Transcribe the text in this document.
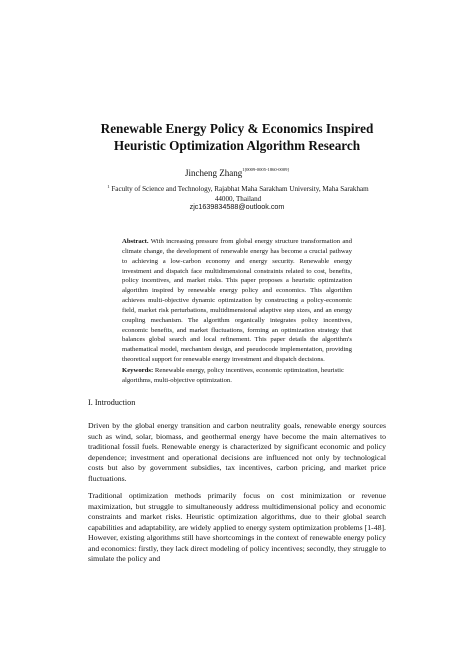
Renewable Energy Policy & Economics Inspired
Heuristic Optimization Algorithm Research
Jincheng Zhang$^{1[0009-0005-1860-0009]}$
$^1$ Faculty of Science and Technology, Rajabhat Maha Sarakham University, Maha Sarakham
44000, Thailand
zjc1639834588@outlook.com

Abstract. With increasing pressure from global energy structure transformation and climate change, the development of renewable energy has become a crucial pathway to achieving a low-carbon economy and energy security. Renewable energy investment and dispatch face multidimensional constraints related to cost, benefits, policy incentives, and market risks. This paper proposes a heuristic optimization algorithm inspired by renewable energy policy and economics. This algorithm achieves multi-objective dynamic optimization by constructing a policy-economic field, market risk perturbations, multidimensional adaptive step sizes, and an energy coupling mechanism. The algorithm organically integrates policy incentives, economic benefits, and market fluctuations, forming an optimization strategy that balances global search and local refinement. This paper details the algorithm's mathematical model, mechanism design, and pseudocode implementation, providing theoretical support for renewable energy investment and dispatch decisions.

Keywords: Renewable energy, policy incentives, economic optimization, heuristic algorithms, multi-objective optimization.

I. Introduction

Driven by the global energy transition and carbon neutrality goals, renewable energy sources such as wind, solar, biomass, and geothermal energy have become the main alternatives to traditional fossil fuels. Renewable energy is characterized by significant economic and policy dependence; investment and operational decisions are influenced not only by technological costs but also by government subsidies, tax incentives, carbon pricing, and market price fluctuations.

Traditional optimization methods primarily focus on cost minimization or revenue maximization, but struggle to simultaneously address multidimensional policy and economic constraints and market risks. Heuristic optimization algorithms, due to their global search capabilities and adaptability, are widely applied to energy system optimization problems [1-48]. However, existing algorithms still have shortcomings in the context of renewable energy policy and economics: firstly, they lack direct modeling of policy incentives; secondly, they struggle to simulate the policy and
